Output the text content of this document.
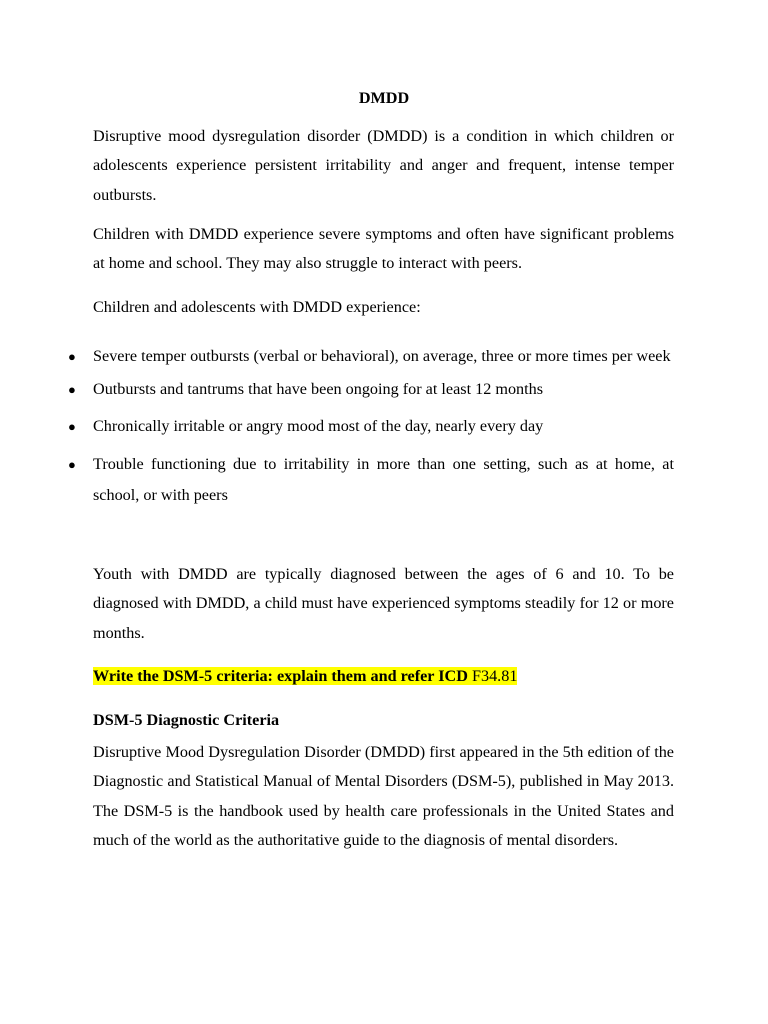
DMDD

Disruptive mood dysregulation disorder (DMDD) is a condition in which children or adolescents experience persistent irritability and anger and frequent, intense temper outbursts.

Children with DMDD experience severe symptoms and often have significant problems at home and school. They may also struggle to interact with peers.

Children and adolescents with DMDD experience:

● Severe temper outbursts (verbal or behavioral), on average, three or more times per week
● Outbursts and tantrums that have been ongoing for at least 12 months
● Chronically irritable or angry mood most of the day, nearly every day
● Trouble functioning due to irritability in more than one setting, such as at home, at school, or with peers

Youth with DMDD are typically diagnosed between the ages of 6 and 10. To be diagnosed with DMDD, a child must have experienced symptoms steadily for 12 or more months.

Write the DSM-5 criteria: explain them and refer ICD F34.81
DSM-5 Diagnostic Criteria

Disruptive Mood Dysregulation Disorder (DMDD) first appeared in the 5th edition of the Diagnostic and Statistical Manual of Mental Disorders (DSM-5), published in May 2013. The DSM-5 is the handbook used by health care professionals in the United States and much of the world as the authoritative guide to the diagnosis of mental disorders.
